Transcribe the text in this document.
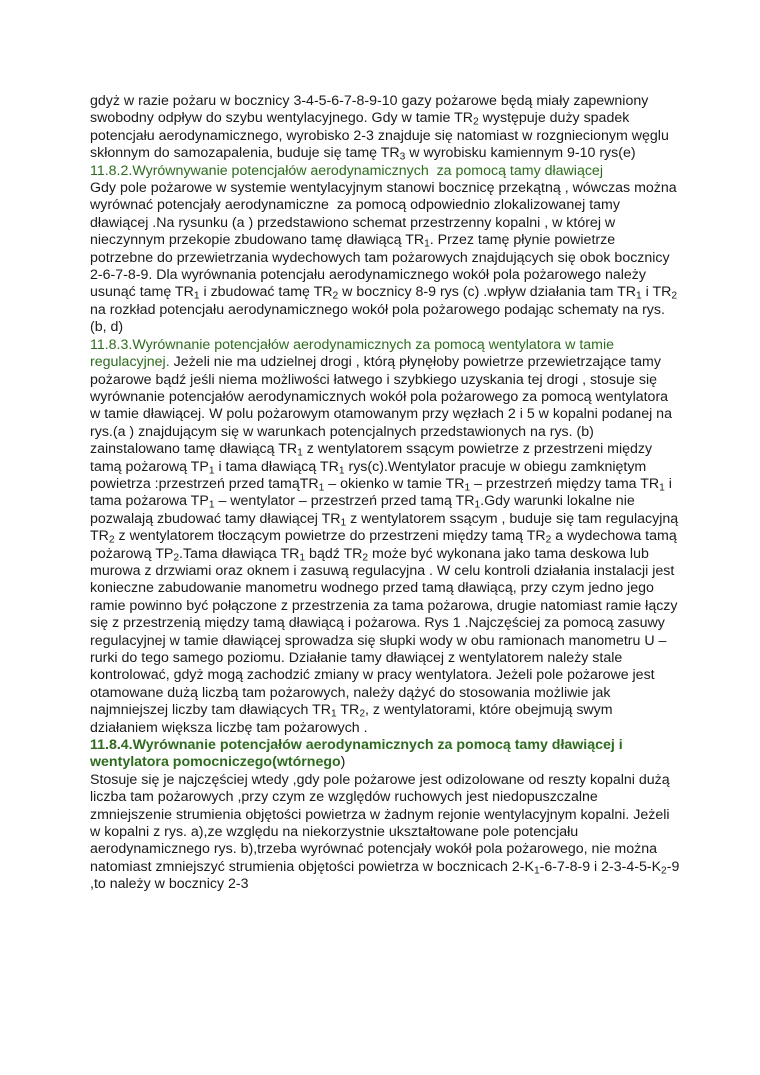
gdyż w razie pożaru w bocznicy 3-4-5-6-7-8-9-10 gazy pożarowe będą miały zapewniony swobodny odpływ do szybu wentylacyjnego. Gdy w tamie $TR_2$ występuje duży spadek potencjału aerodynamicznego, wyrobisko 2-3 znajduje się natomiast w rozgniecionym węglu skłonnym do samozapalenia, buduje się tamę $TR_3$ w wyrobisku kamiennym 9-10 rys(e)

11.8.2.Wyrównywanie potencjałów aerodynamicznych  za pomocą tamy dławiącej
Gdy pole pożarowe w systemie wentylacyjnym stanowi bocznicę przekątną , wówczas można wyrównać potencjały aerodynamiczne  za pomocą odpowiednio zlokalizowanej tamy dławiącej .Na rysunku (a ) przedstawiono schemat przestrzenny kopalni , w której w nieczynnym przekopie zbudowano tamę dławiącą $TR_1$. Przez tamę płynie powietrze potrzebne do przewietrzania wydechowych tam pożarowych znajdujących się obok bocznicy 2-6-7-8-9. Dla wyrównania potencjału aerodynamicznego wokół pola pożarowego należy usunąć tamę $TR_1$ i zbudować tamę $TR_2$ w bocznicy 8-9 rys (c) .wpływ działania tam $TR_1$ i $TR_2$ na rozkład potencjału aerodynamicznego wokół pola pożarowego podając schematy na rys. (b, d)

11.8.3.Wyrównanie potencjałów aerodynamicznych za pomocą wentylatora w tamie regulacyjnej. Jeżeli nie ma udzielnej drogi , którą płynęłoby powietrze przewietrzające tamy pożarowe bądź jeśli niema możliwości łatwego i szybkiego uzyskania tej drogi , stosuje się wyrównanie potencjałów aerodynamicznych wokół pola pożarowego za pomocą wentylatora w tamie dławiącej. W polu pożarowym otamowanym przy węzłach 2 i 5 w kopalni podanej na rys.(a ) znajdującym się w warunkach potencjalnych przedstawionych na rys. (b) zainstalowano tamę dławiącą $TR_1$ z wentylatorem ssącym powietrze z przestrzeni między tamą pożarową $TP_1$ i tama dławiącą $TR_1$ rys(c).Wentylator pracuje w obiegu zamkniętym powietrza :przestrzeń przed tamąTR$_1$ – okienko w tamie $TR_1$ – przestrzeń między tama $TR_1$ i tama pożarowa $TP_1$ – wentylator – przestrzeń przed tamą $TR_1.Gdy$ warunki lokalne nie pozwalają zbudować tamy dławiącej $TR_1$ z wentylatorem ssącym , buduje się tam regulacyjną $TR_2$ z wentylatorem tłoczącym powietrze do przestrzeni między tamą $TR_2$ a wydechowa tamą pożarową $TP_2.Tama$ dławiąca $TR_1$ bądź $TR_2$ może być wykonana jako tama deskowa lub murowa z drzwiami oraz oknem i zasuwą regulacyjna . W celu kontroli działania instalacji jest konieczne zabudowanie manometru wodnego przed tamą dławiącą, przy czym jedno jego ramie powinno być połączone z przestrzenia za tama pożarowa, drugie natomiast ramie łączy się z przestrzenią między tamą dławiącą i pożarowa. Rys 1 .Najczęściej za pomocą zasuwy regulacyjnej w tamie dławiącej sprowadza się słupki wody w obu ramionach manometru U – rurki do tego samego poziomu. Działanie tamy dławiącej z wentylatorem należy stale kontrolować, gdyż mogą zachodzić zmiany w pracy wentylatora. Jeżeli pole pożarowe jest otamowane dużą liczbą tam pożarowych, należy dążyć do stosowania możliwie jak najmniejszej liczby tam dławiących $TR_1$ $TR_2$, z wentylatorami, które obejmują swym działaniem większa liczbę tam pożarowych .

11.8.4.Wyrównanie potencjałów aerodynamicznych za pomocą tamy dławiącej i wentylatora pomocniczego(wtórnego)
Stosuje się je najczęściej wtedy ,gdy pole pożarowe jest odizolowane od reszty kopalni dużą liczba tam pożarowych ,przy czym ze względów ruchowych jest niedopuszczalne zmniejszenie strumienia objętości powietrza w żadnym rejonie wentylacyjnym kopalni. Jeżeli w kopalni z rys. a),ze względu na niekorzystnie ukształtowane pole potencjału aerodynamicznego rys. b),trzeba wyrównać potencjały wokół pola pożarowego, nie można natomiast zmniejszyć strumienia objętości powietrza w bocznicach $2-K_1-6-7-8-9$ i $2-3-4-5-K_2-9$ ,to należy w bocznicy 2-3
